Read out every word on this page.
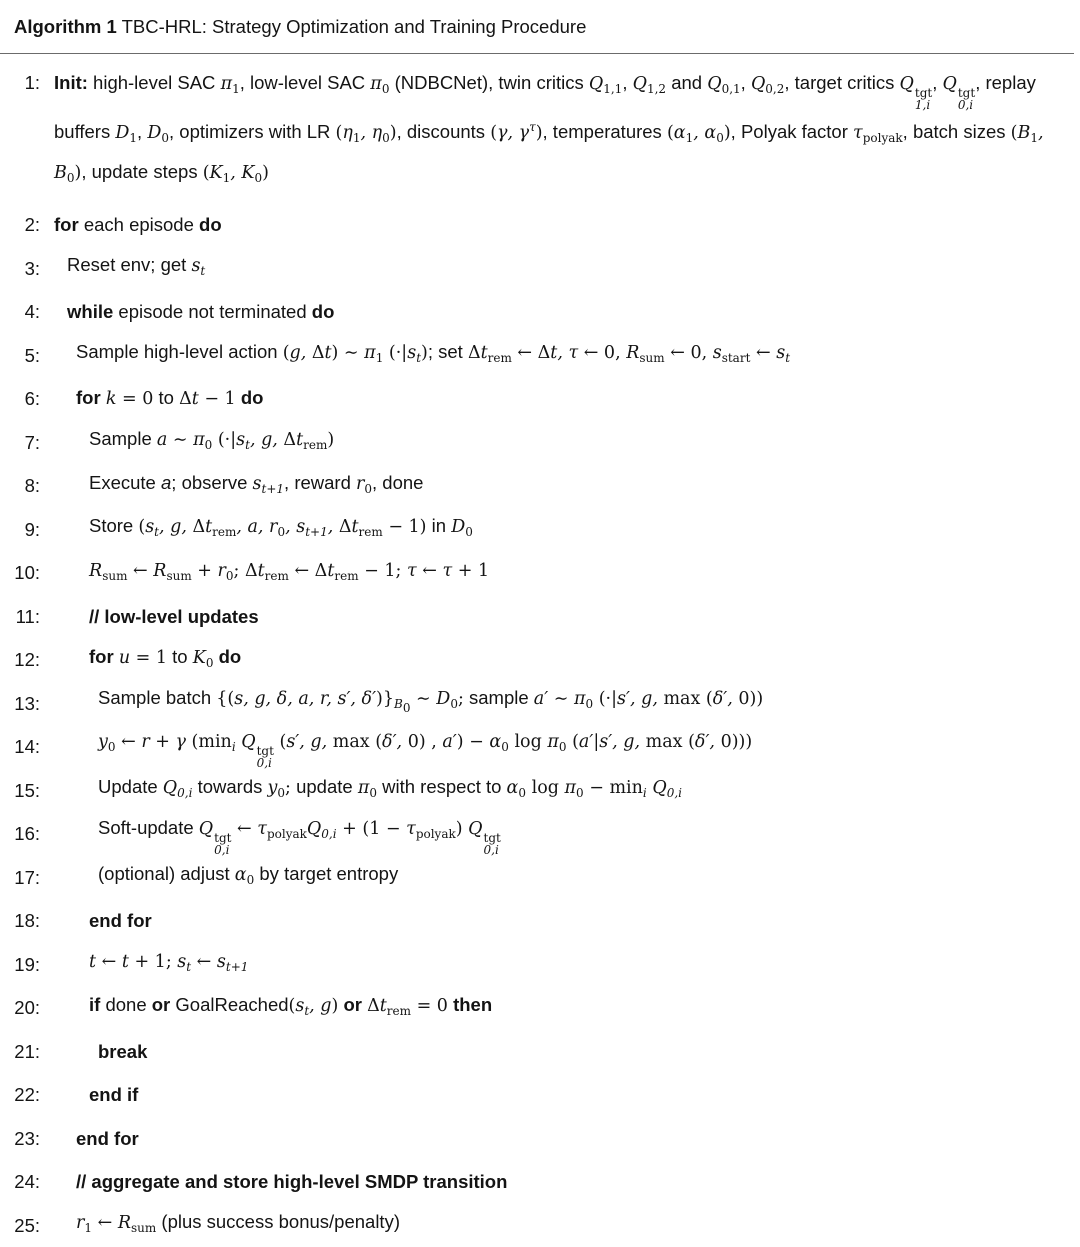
Algorithm 1 TBC-HRL: Strategy Optimization and Training Procedure
1: Init: high-level SAC $\pi_1$, low-level SAC $\pi_0$ (NDBCNet), twin critics $Q_{1,1}$, $Q_{1,2}$ and $Q_{0,1}$, $Q_{0,2}$, target critics Q tgt
1,i
, Q tgt
0,i
, replay buffers $D_1$, $D_0$, optimizers with LR ($\eta_1$, $\eta_0$), discounts (γ, $\gamma^\tau$), temperatures ($\alpha_1$, $\alpha_0$), Polyak factor $\tau_{polyak}$, batch sizes ($B_1$, $B_0$), update steps ($K_1$, $K_0$)
2: for each episode do
3:	Reset env; get $s_t$
4:	while episode not terminated do
5:	Sample high-level action (g, Δt) ∼ $\pi_1$ $(\cdot|s_t)$; set $\Delta t_{rem}$ ← Δt, τ ← 0, $R_{sum}$ ← 0, $s_{start}$ ← $s_t$
6:	for k = 0 to Δt − 1 do
7:	Sample a ∼ $\pi_0$ ($\cdot|s_t$, g, $\Delta t_{rem}$)
8:	Execute a; observe $s_{t+1}$, reward $r_0$, done
9:	Store ($s_t$, g, $\Delta t_{rem}$, a, $r_0$, $s_{t+1}$, $\Delta t_{rem} - 1$) in $D_0$
10:	$R_{sum}$ ← $R_{sum} + r_0$; $\Delta t_{rem}$ ← $\Delta t_{rem} - 1$; τ ← τ + 1
11:	// low-level updates
12:	for u = 1 to $K_0$ do
13:	Sample batch {(s, g, δ, a, r, s′, $\delta')\}_{B_0}$ ∼ $D_0$; sample a′ ∼ $\pi_0$ (·|s′, g, max (δ′, 0))
14:	$y_0$ ← r + γ ($\min_i$ Q tgt
0,i
(s′, g, max (δ′, 0) , $a') - \alpha_0$ $\log \pi_0$ (a′|s′, g, max (δ′, 0)))
15:	Update $Q_{0,i}$ towards $y_0$; update $\pi_0$ with respect to $\alpha_0$ $\log \pi_0 - \min_i Q_{0,i}$
16:	Soft-update Q tgt
0,i
← $\tau_{polyak}Q_{0,i} + (1 - \tau_{polyak})$ Q tgt
0,i
17:	(optional) adjust $\alpha_0$ by target entropy
18:	end for
19:	t ← t + 1; $s_t$ ← $s_{t+1}$
20:	if done or $GoalReached(s_t$, g) or $\Delta t_{rem} = 0$ then
21:	break
22:	end if
23:	end for
24:	// aggregate and store high-level SMDP transition
25:	$r_1$ ← $R_{sum}$ (plus success bonus/penalty)
